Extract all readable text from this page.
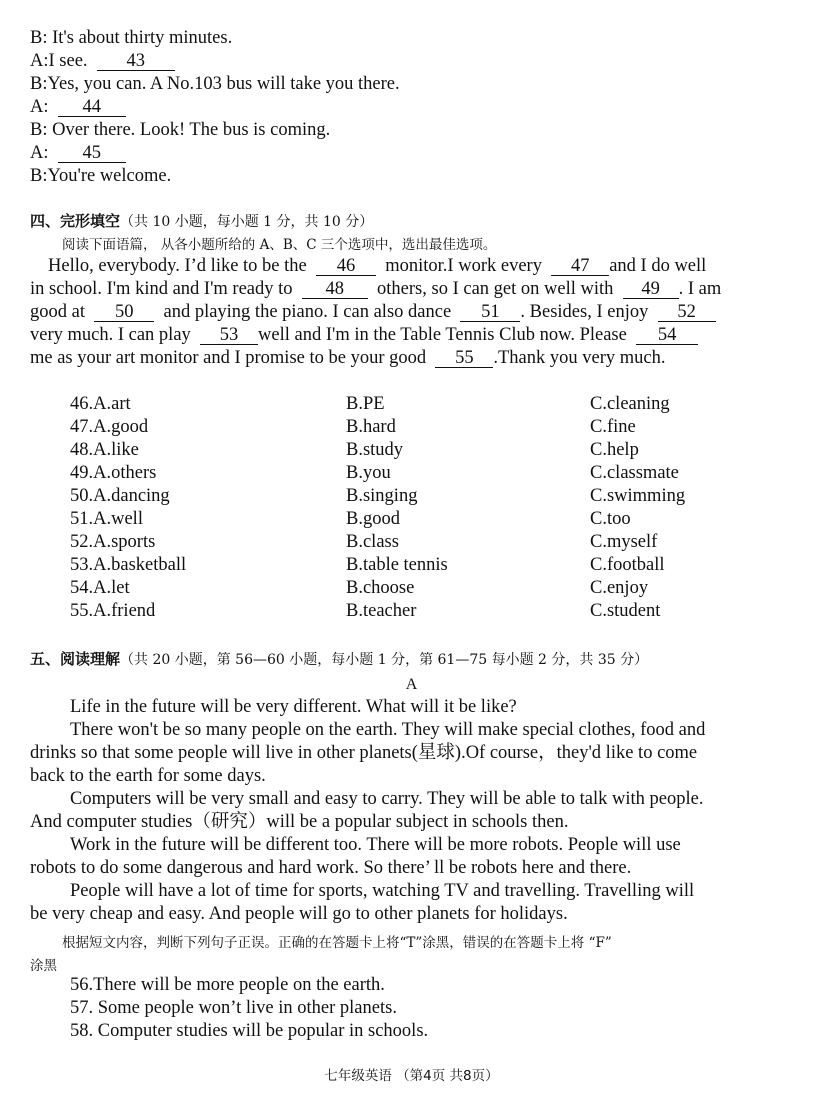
B: It's about thirty minutes.
A:I see. 43
B:Yes, you can. A No.103 bus will take you there.
A: 44
B: Over there. Look! The bus is coming.
A: 45
B:You're welcome.
四、完形填空（共 10 小题，每小题 1 分，共 10 分）
阅读下面语篇， 从各小题所给的 A、B、C 三个选项中，选出最佳选项。
Hello, everybody. I’d like to be the 46 monitor.I work every 47 and I do well
in school. I'm kind and I'm ready to 48 others, so I can get on well with 49 . I am
good at 50 and playing the piano. I can also dance 51 . Besides, I enjoy 52
very much. I can play 53 well and I'm in the Table Tennis Club now. Please 54
me as your art monitor and I promise to be your good 55 .Thank you very much.
46.A.art	B.PE	C.cleaning
47.A.good	B.hard	C.fine
48.A.like	B.study	C.help
49.A.others	B.you	C.classmate
50.A.dancing	B.singing	C.swimming
51.A.well	B.good	C.too
52.A.sports	B.class	C.myself
53.A.basketball	B.table tennis	C.football
54.A.let	B.choose	C.enjoy
55.A.friend	B.teacher	C.student
五、阅读理解（共 20 小题，第 56—60 小题，每小题 1 分，第 61—75 每小题 2 分，共 35 分）
A
Life in the future will be very different. What will it be like?
There won't be so many people on the earth. They will make special clothes, food and
drinks so that some people will live in other planets(星球).Of course，they'd like to come
back to the earth for some days.
Computers will be very small and easy to carry. They will be able to talk with people.
And computer studies（研究）will be a popular subject in schools then.
Work in the future will be different too. There will be more robots. People will use
robots to do some dangerous and hard work. So there’ ll be robots here and there.
People will have a lot of time for sports, watching TV and travelling. Travelling will
be very cheap and easy. And people will go to other planets for holidays.
根据短文内容，判断下列句子正误。正确的在答题卡上将“T”涂黑，错误的在答题卡上将 “F”
涂黑
56.There will be more people on the earth.
57. Some people won’t live in other planets.
58. Computer studies will be popular in schools.
七年级英语 （第4页 共8页）
